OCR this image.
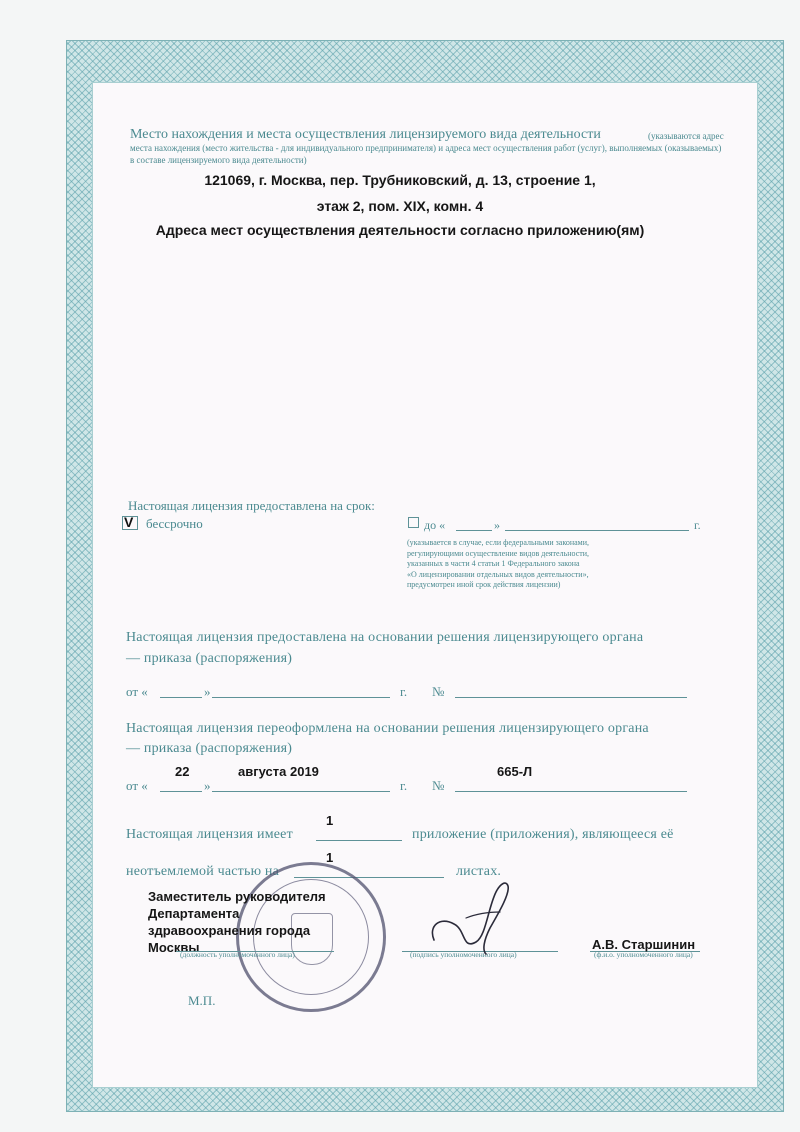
Место нахождения и места осуществления лицензируемого вида деятельности	(указываются адрес
места нахождения (место жительства - для индивидуального предпринимателя) и адреса мест осуществления работ (услуг), выполняемых (оказываемых)
в составе лицензируемого вида деятельности)
121069, г. Москва, пер. Трубниковский, д. 13, строение 1,
этаж 2, пом. XIX, комн. 4
Адреса мест осуществления деятельности согласно приложению(ям)
Настоящая лицензия предоставлена на срок:
V бессрочно	до «	»	г.
(указывается в случае, если федеральными законами,
регулирующими осуществление видов деятельности,
указанных в части 4 статьи 1 Федерального закона
«О лицензировании отдельных видов деятельности»,
предусмотрен иной срок действия лицензии)
Настоящая лицензия предоставлена на основании решения лицензирующего органа
— приказа (распоряжения)
от «	»	г. №
Настоящая лицензия переоформлена на основании решения лицензирующего органа
— приказа (распоряжения)
22	августа 2019	665-Л
от «	»	г. №
1
Настоящая лицензия имеет	приложение (приложения), являющееся её
1
неотъемлемой частью на	листах.
Заместитель руководителя
Департамента
здравоохранения города
Москвы
(должность уполномоченного лица)	(подпись уполномоченного лица)	(ф.и.о. уполномоченного лица)
А.В. Старшинин
М.П.
